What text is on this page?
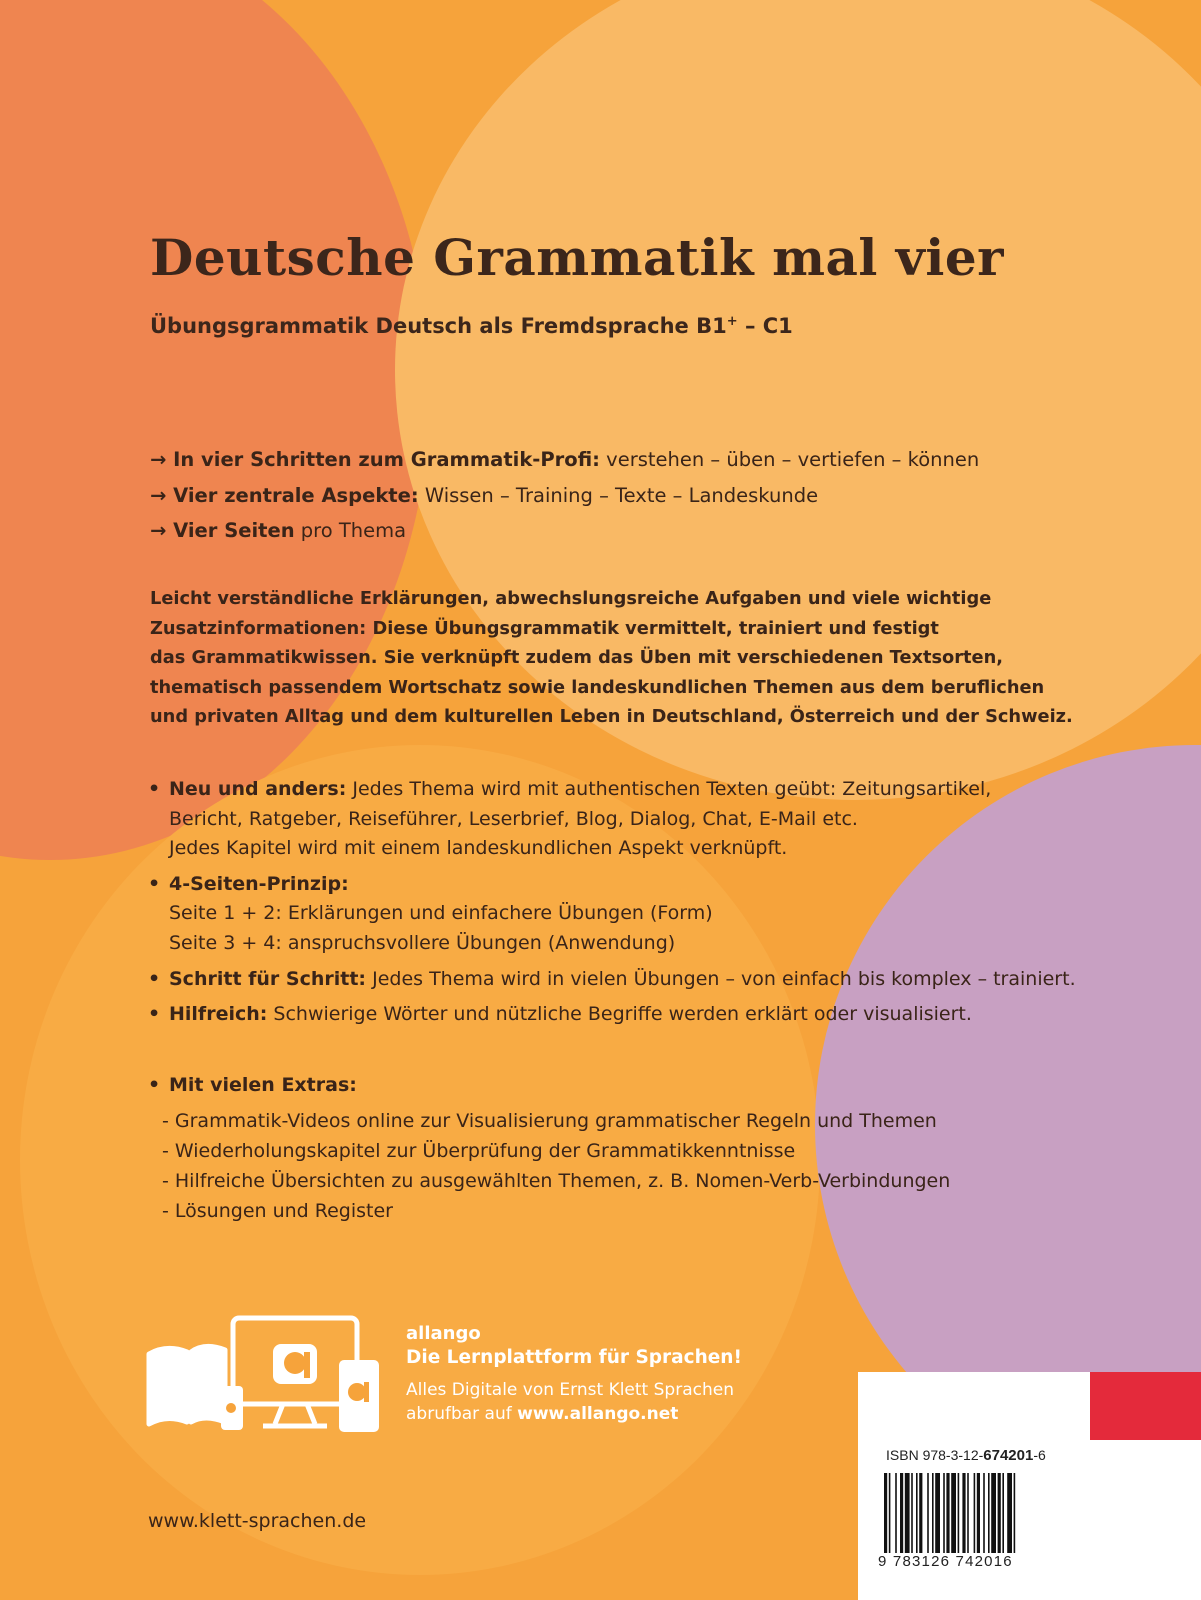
Deutsche Grammatik mal vier
Übungsgrammatik Deutsch als Fremdsprache B1+ – C1
→ In vier Schritten zum Grammatik-Profi: verstehen – üben – vertiefen – können
→ Vier zentrale Aspekte: Wissen – Training – Texte – Landeskunde
→ Vier Seiten pro Thema
Leicht verständliche Erklärungen, abwechslungsreiche Aufgaben und viele wichtige
Zusatzinformationen: Diese Übungsgrammatik vermittelt, trainiert und festigt
das Grammatikwissen. Sie verknüpft zudem das Üben mit verschiedenen Textsorten,
thematisch passendem Wortschatz sowie landeskundlichen Themen aus dem beruflichen
und privaten Alltag und dem kulturellen Leben in Deutschland, Österreich und der Schweiz.
• Neu und anders: Jedes Thema wird mit authentischen Texten geübt: Zeitungsartikel,
Bericht, Ratgeber, Reiseführer, Leserbrief, Blog, Dialog, Chat, E-Mail etc.
Jedes Kapitel wird mit einem landeskundlichen Aspekt verknüpft.
• 4-Seiten-Prinzip:
Seite 1 + 2: Erklärungen und einfachere Übungen (Form)
Seite 3 + 4: anspruchsvollere Übungen (Anwendung)
• Schritt für Schritt: Jedes Thema wird in vielen Übungen – von einfach bis komplex – trainiert.
• Hilfreich: Schwierige Wörter und nützliche Begriffe werden erklärt oder visualisiert.
• Mit vielen Extras:
- Grammatik-Videos online zur Visualisierung grammatischer Regeln und Themen
- Wiederholungskapitel zur Überprüfung der Grammatikkenntnisse
- Hilfreiche Übersichten zu ausgewählten Themen, z. B. Nomen-Verb-Verbindungen
- Lösungen und Register
allango
Die Lernplattform für Sprachen!
Alles Digitale von Ernst Klett Sprachen
abrufbar auf www.allango.net
www.klett-sprachen.de
ISBN 978-3-12-674201-6
9 783126 742016
